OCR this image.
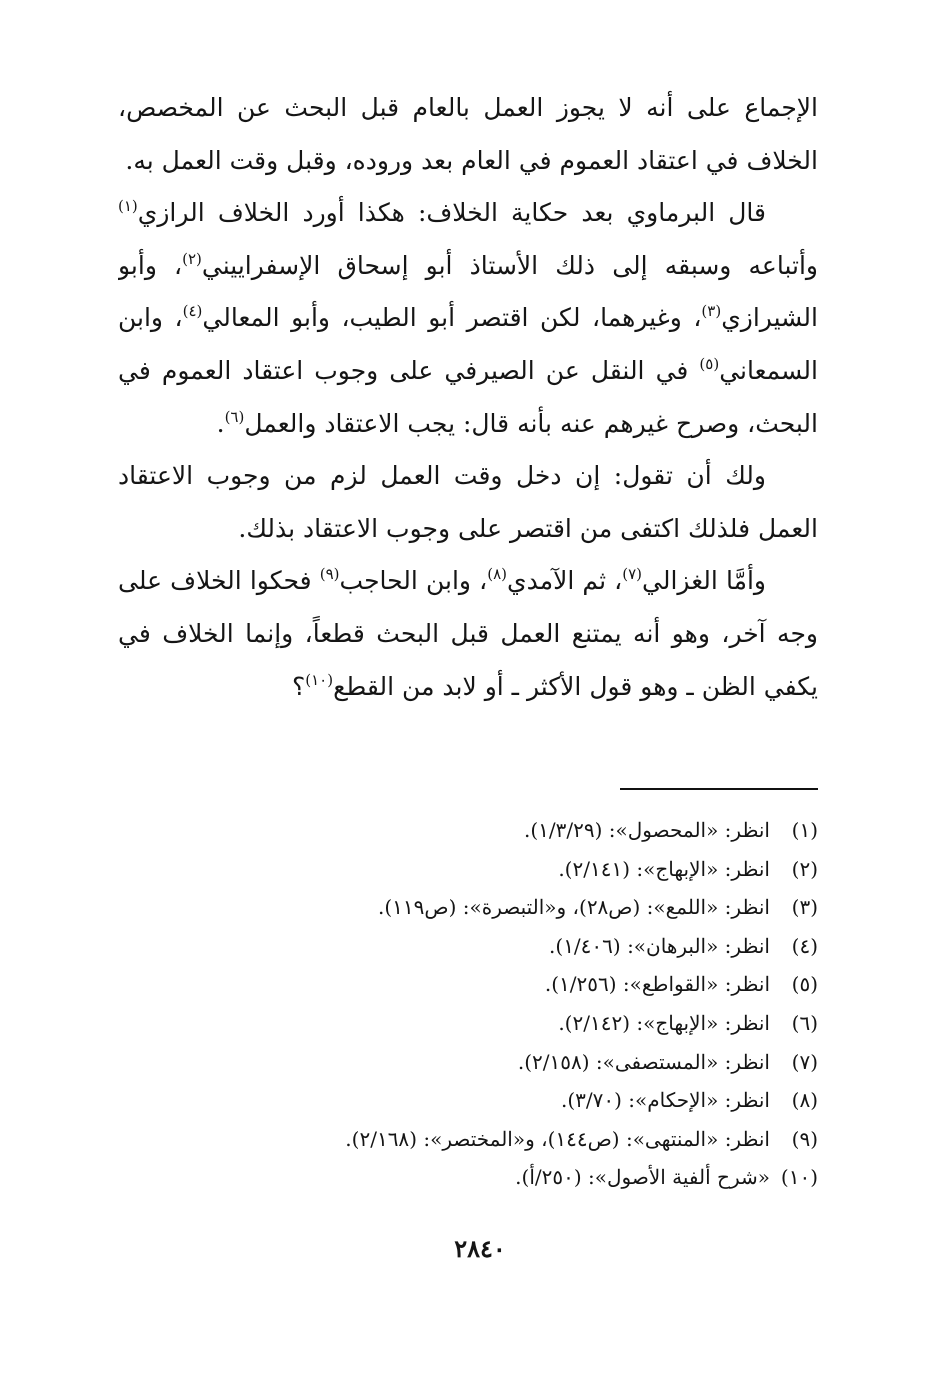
الإجماع على أنه لا يجوز العمل بالعام قبل البحث عن المخصص،
الخلاف في اعتقاد العموم في العام بعد وروده، وقبل وقت العمل به.
قال البرماوي بعد حكاية الخلاف: هكذا أورد الخلاف الرازي$^{(١)}$
وأتباعه وسبقه إلى ذلك الأستاذ أبو إسحاق الإسفراييني$^{(٢)}$، وأبو
الشيرازي$^{(٣)}$، وغيرهما، لكن اقتصر أبو الطيب، وأبو المعالي$^{(٤)}$، وابن
السمعاني$^{(٥)}$ في النقل عن الصيرفي على وجوب اعتقاد العموم في
البحث، وصرح غيرهم عنه بأنه قال: يجب الاعتقاد والعمل$^{(٦)}$.
ولك أن تقول: إن دخل وقت العمل لزم من وجوب الاعتقاد
العمل فلذلك اكتفى من اقتصر على وجوب الاعتقاد بذلك.
وأمَّا الغزالي$^{(٧)}$، ثم الآمدي$^{(٨)}$، وابن الحاجب$^{(٩)}$ فحكوا الخلاف على
وجه آخر، وهو أنه يمتنع العمل قبل البحث قطعاً، وإنما الخلاف في
يكفي الظن ـ وهو قول الأكثر ـ أو لابد من القطع$^{(١٠)}$؟
(١)انظر: «المحصول»: (١/٣/٢٩).
(٢)انظر: «الإبهاج»: (٢/١٤١).
(٣)انظر: «اللمع»: (ص٢٨)، و«التبصرة»: (ص١١٩).
(٤)انظر: «البرهان»: (١/٤٠٦).
(٥)انظر: «القواطع»: (١/٢٥٦).
(٦)انظر: «الإبهاج»: (٢/١٤٢).
(٧)انظر: «المستصفى»: (٢/١٥٨).
(٨)انظر: «الإحكام»: (٣/٧٠).
(٩)انظر: «المنتهى»: (ص١٤٤)، و«المختصر»: (٢/١٦٨).
(١٠)«شرح ألفية الأصول»: (٢٥٠/أ).
٢٨٤٠
